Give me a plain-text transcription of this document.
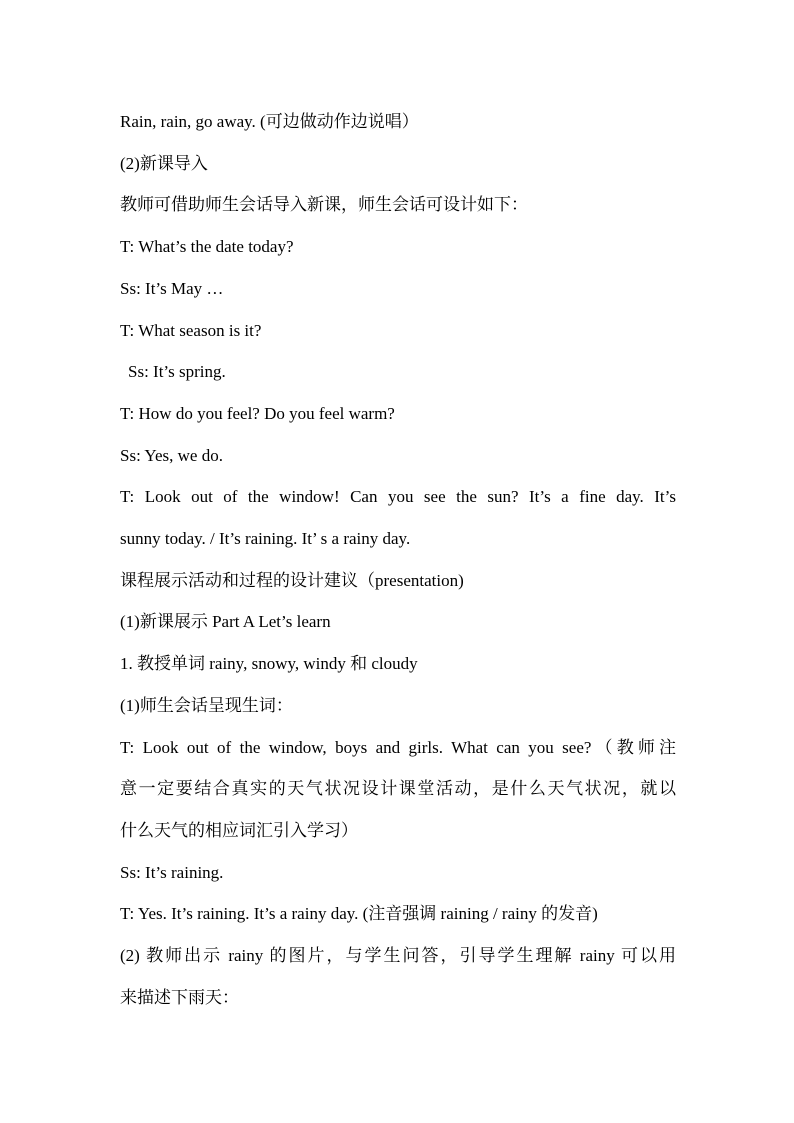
Rain, rain, go away. (可边做动作边说唱）

(2)新课导入

教师可借助师生会话导入新课，师生会话可设计如下：

T: What’s the date today?

Ss: It’s May …

T: What season is it?

Ss: It’s spring.

T: How do you feel? Do you feel warm?

Ss: Yes, we do.

T: Look out of the window! Can you see the sun? It’s a fine day. It’s

sunny today. / It’s raining. It’ s a rainy day.

课程展示活动和过程的设计建议（presentation)

(1)新课展示 Part A Let’s learn

1. 教授单词 rainy, snowy, windy 和 cloudy

(1)师生会话呈现生词：

T: Look out of the window, boys and girls. What can you see?（教师注

意一定要结合真实的天气状况设计课堂活动，是什么天气状况，就以

什么天气的相应词汇引入学习）

Ss: It’s raining.

T: Yes. It’s raining. It’s a rainy day. (注音强调 raining / rainy 的发音)

(2) 教师出示 rainy 的图片，与学生问答，引导学生理解 rainy 可以用

来描述下雨天：
